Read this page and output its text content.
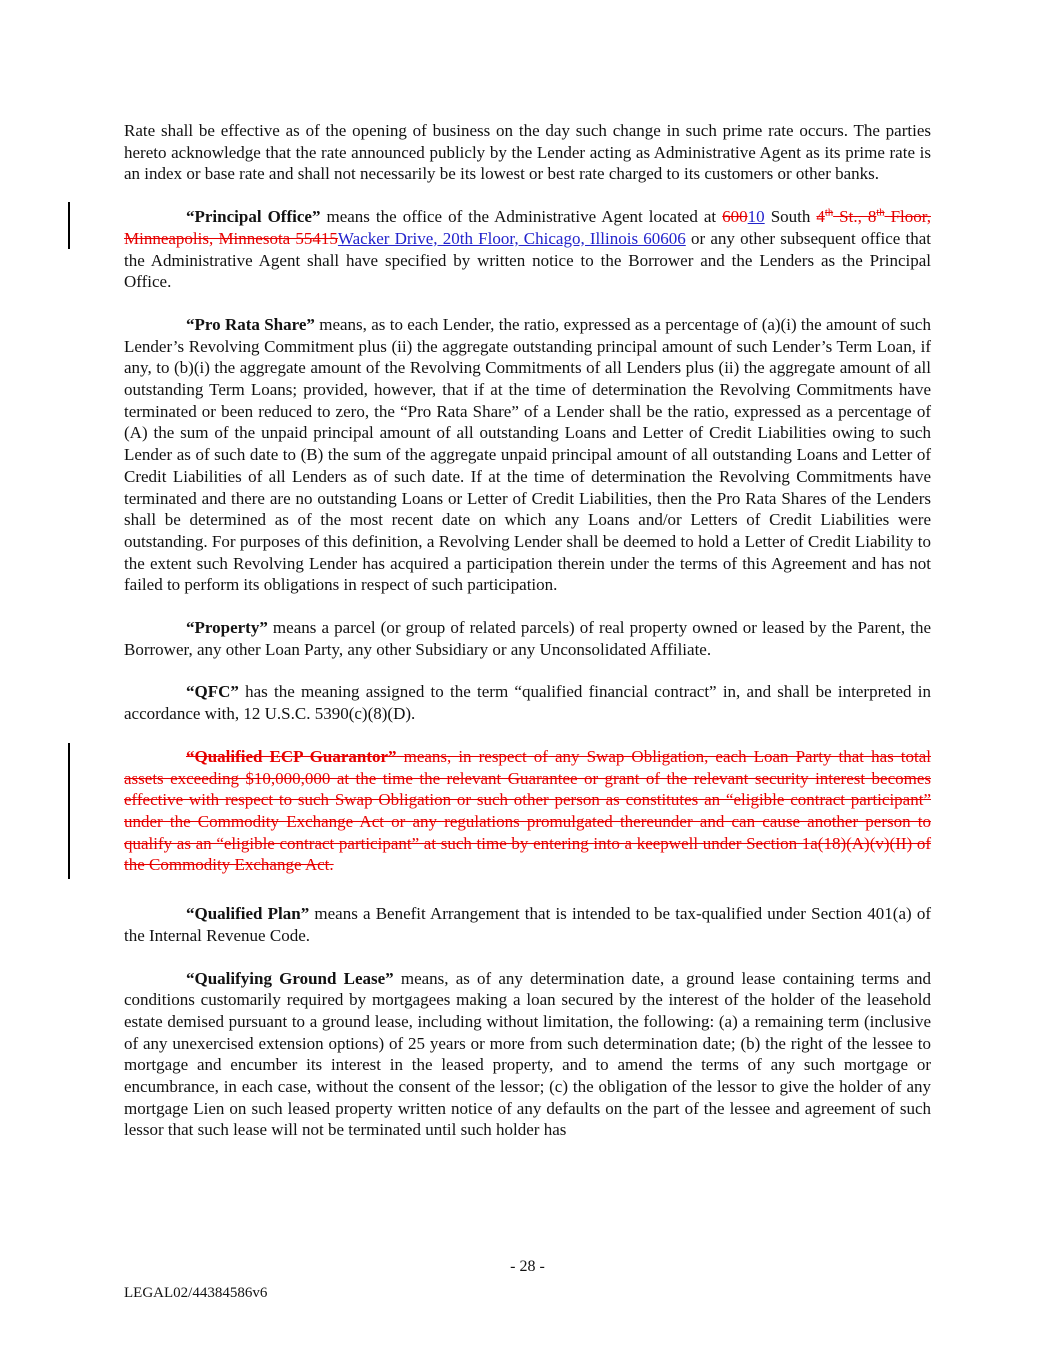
Rate shall be effective as of the opening of business on the day such change in such prime rate occurs. The parties hereto acknowledge that the rate announced publicly by the Lender acting as Administrative Agent as its prime rate is an index or base rate and shall not necessarily be its lowest or best rate charged to its customers or other banks.

“Principal Office” means the office of the Administrative Agent located at 60010 South 4th St., 8th Floor, Minneapolis, Minnesota 55415Wacker Drive, 20th Floor, Chicago, Illinois 60606 or any other subsequent office that the Administrative Agent shall have specified by written notice to the Borrower and the Lenders as the Principal Office.

“Pro Rata Share” means, as to each Lender, the ratio, expressed as a percentage of (a)(i) the amount of such Lender’s Revolving Commitment plus (ii) the aggregate outstanding principal amount of such Lender’s Term Loan, if any, to (b)(i) the aggregate amount of the Revolving Commitments of all Lenders plus (ii) the aggregate amount of all outstanding Term Loans; provided, however, that if at the time of determination the Revolving Commitments have terminated or been reduced to zero, the “Pro Rata Share” of a Lender shall be the ratio, expressed as a percentage of (A) the sum of the unpaid principal amount of all outstanding Loans and Letter of Credit Liabilities owing to such Lender as of such date to (B) the sum of the aggregate unpaid principal amount of all outstanding Loans and Letter of Credit Liabilities of all Lenders as of such date. If at the time of determination the Revolving Commitments have terminated and there are no outstanding Loans or Letter of Credit Liabilities, then the Pro Rata Shares of the Lenders shall be determined as of the most recent date on which any Loans and/or Letters of Credit Liabilities were outstanding. For purposes of this definition, a Revolving Lender shall be deemed to hold a Letter of Credit Liability to the extent such Revolving Lender has acquired a participation therein under the terms of this Agreement and has not failed to perform its obligations in respect of such participation.

“Property” means a parcel (or group of related parcels) of real property owned or leased by the Parent, the Borrower, any other Loan Party, any other Subsidiary or any Unconsolidated Affiliate.

“QFC” has the meaning assigned to the term “qualified financial contract” in, and shall be interpreted in accordance with, 12 U.S.C. 5390(c)(8)(D).

“Qualified ECP Guarantor” means, in respect of any Swap Obligation, each Loan Party that has total assets exceeding $10,000,000 at the time the relevant Guarantee or grant of the relevant security interest becomes effective with respect to such Swap Obligation or such other person as constitutes an “eligible contract participant” under the Commodity Exchange Act or any regulations promulgated thereunder and can cause another person to qualify as an “eligible contract participant” at such time by entering into a keepwell under Section 1a(18)(A)(v)(II) of the Commodity Exchange Act.

“Qualified Plan” means a Benefit Arrangement that is intended to be tax-qualified under Section 401(a) of the Internal Revenue Code.

“Qualifying Ground Lease” means, as of any determination date, a ground lease containing terms and conditions customarily required by mortgagees making a loan secured by the interest of the holder of the leasehold estate demised pursuant to a ground lease, including without limitation, the following: (a) a remaining term (inclusive of any unexercised extension options) of 25 years or more from such determination date; (b) the right of the lessee to mortgage and encumber its interest in the leased property, and to amend the terms of any such mortgage or encumbrance, in each case, without the consent of the lessor; (c) the obligation of the lessor to give the holder of any mortgage Lien on such leased property written notice of any defaults on the part of the lessee and agreement of such lessor that such lease will not be terminated until such holder has

- 28 -
LEGAL02/44384586v6
